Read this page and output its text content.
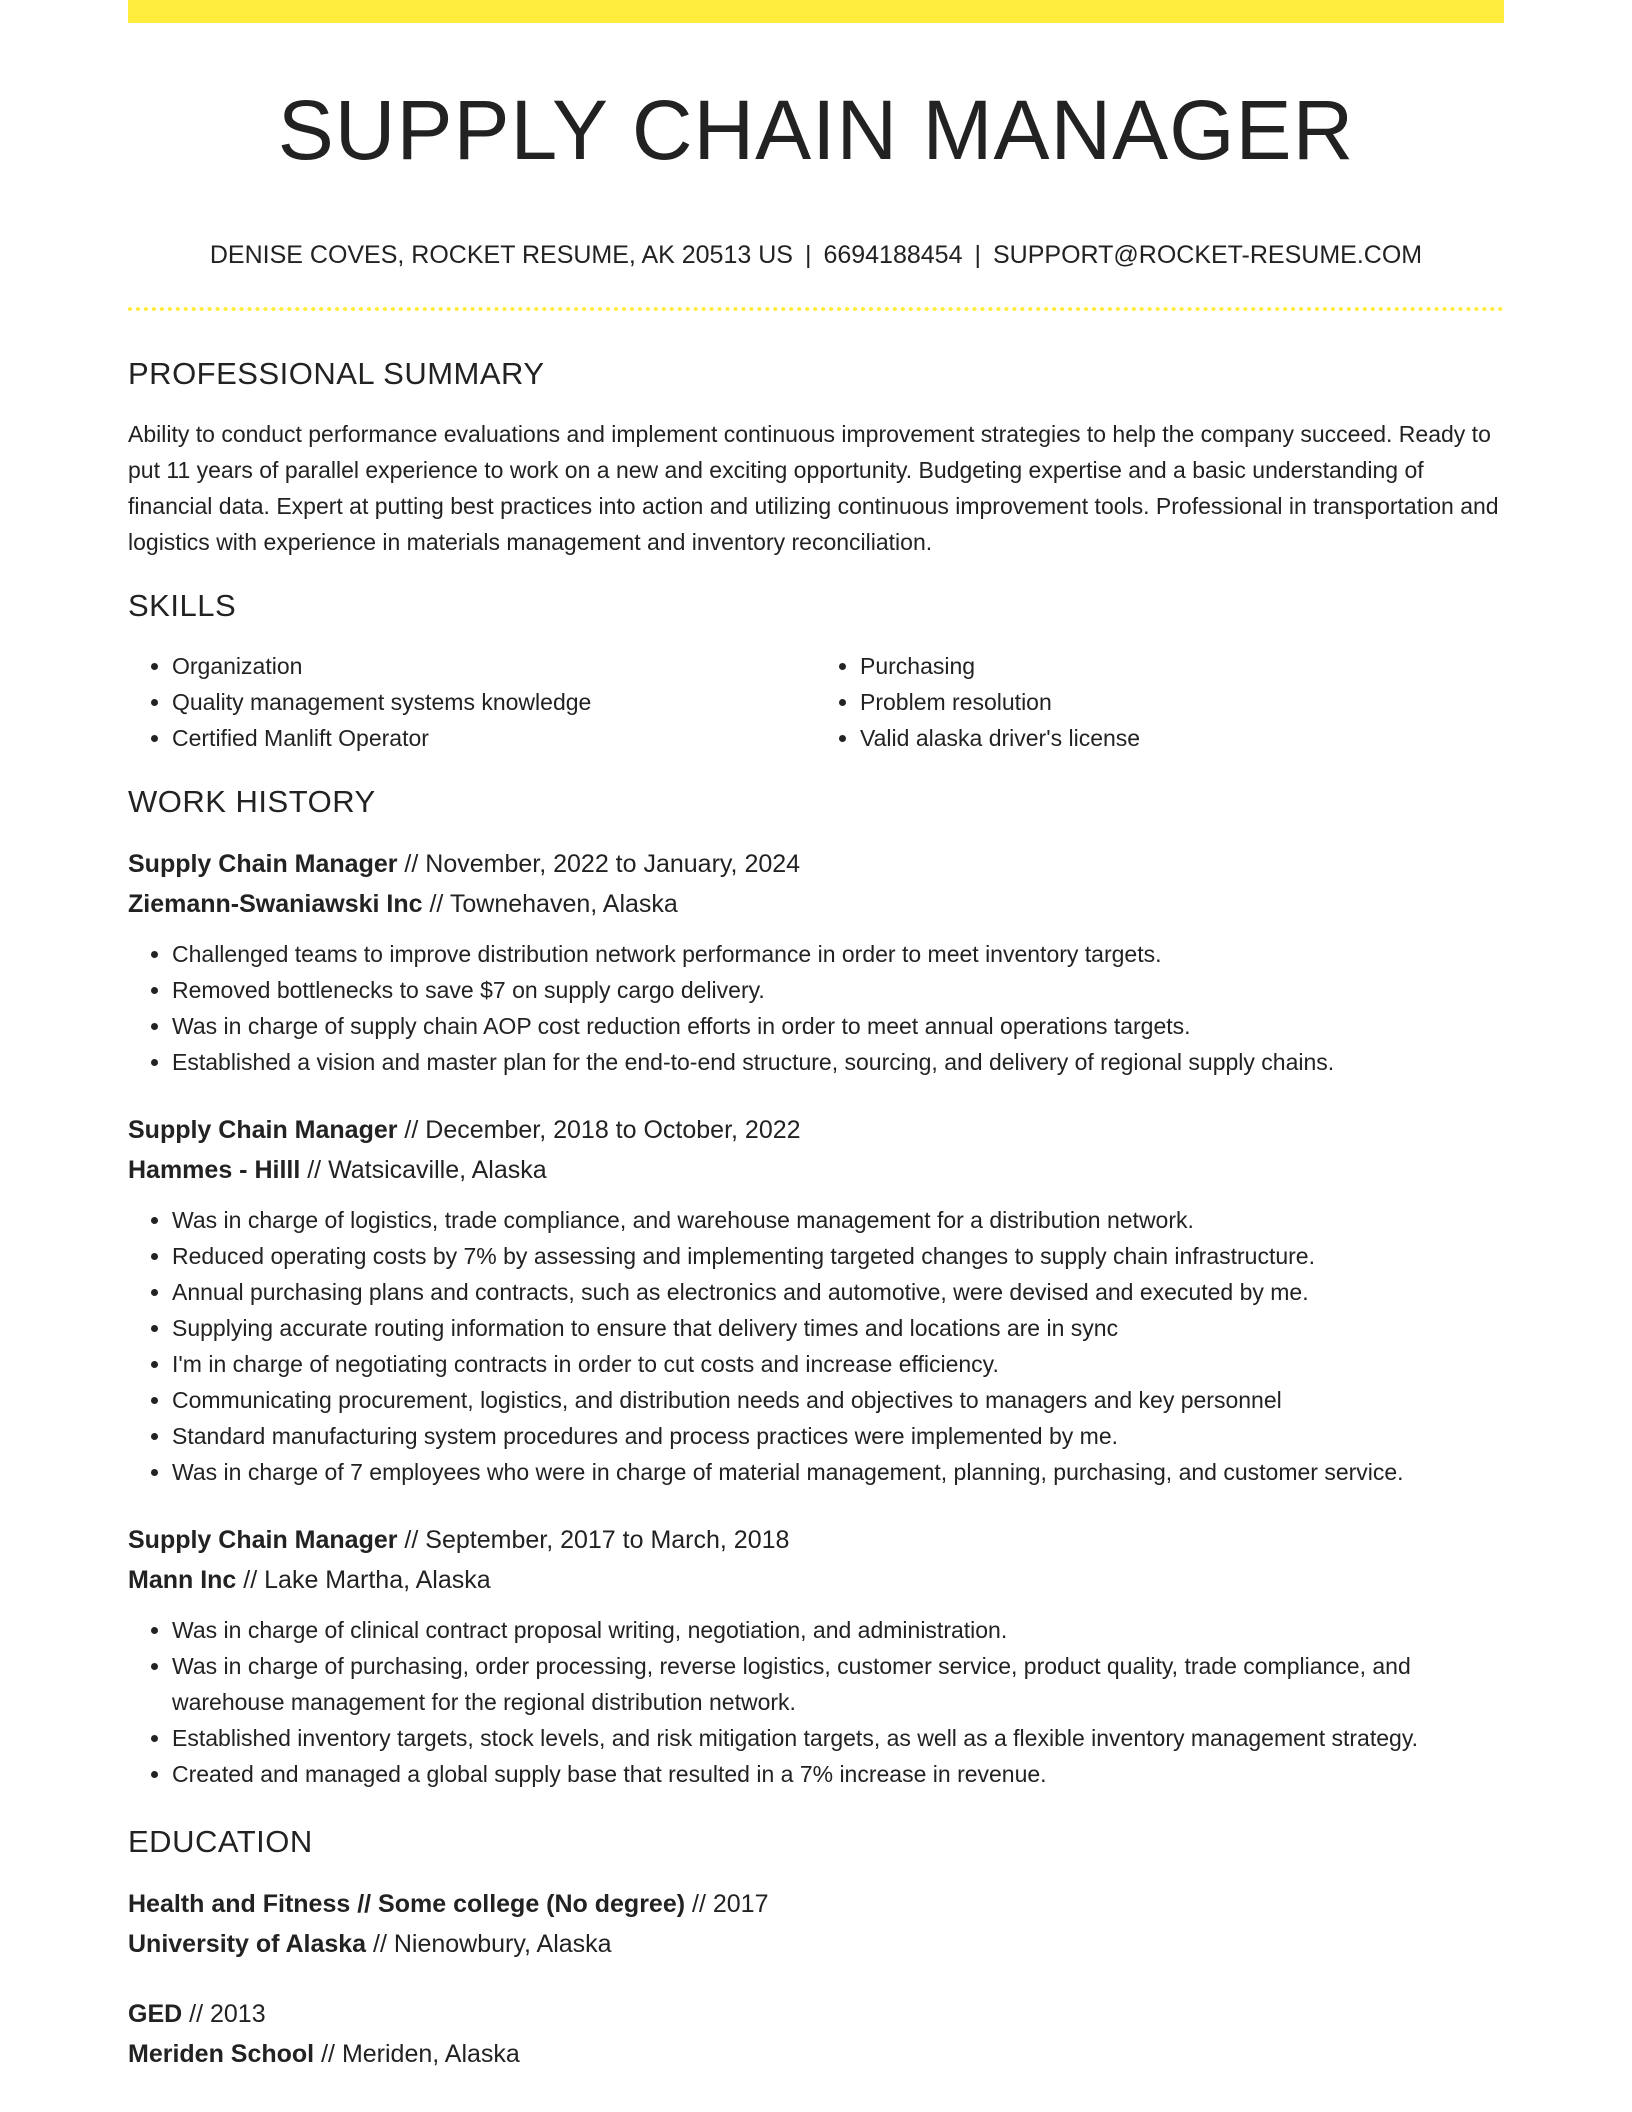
SUPPLY CHAIN MANAGER
DENISE COVES, ROCKET RESUME, AK 20513 US | 6694188454 | SUPPORT@ROCKET-RESUME.COM
PROFESSIONAL SUMMARY

Ability to conduct performance evaluations and implement continuous improvement strategies to help the company succeed. Ready to put 11 years of parallel experience to work on a new and exciting opportunity. Budgeting expertise and a basic understanding of financial data. Expert at putting best practices into action and utilizing continuous improvement tools. Professional in transportation and logistics with experience in materials management and inventory reconciliation.

SKILLS
• Organization
• Quality management systems knowledge
• Certified Manlift Operator
• Purchasing
• Problem resolution
• Valid alaska driver's license
WORK HISTORY

Supply Chain Manager // November, 2022 to January, 2024

Ziemann-Swaniawski Inc // Townehaven, Alaska

• Challenged teams to improve distribution network performance in order to meet inventory targets.
• Removed bottlenecks to save $7 on supply cargo delivery.
• Was in charge of supply chain AOP cost reduction efforts in order to meet annual operations targets.
• Established a vision and master plan for the end-to-end structure, sourcing, and delivery of regional supply chains.

Supply Chain Manager // December, 2018 to October, 2022

Hammes - Hilll // Watsicaville, Alaska

• Was in charge of logistics, trade compliance, and warehouse management for a distribution network.
• Reduced operating costs by 7% by assessing and implementing targeted changes to supply chain infrastructure.
• Annual purchasing plans and contracts, such as electronics and automotive, were devised and executed by me.
• Supplying accurate routing information to ensure that delivery times and locations are in sync
• I'm in charge of negotiating contracts in order to cut costs and increase efficiency.
• Communicating procurement, logistics, and distribution needs and objectives to managers and key personnel
• Standard manufacturing system procedures and process practices were implemented by me.
• Was in charge of 7 employees who were in charge of material management, planning, purchasing, and customer service.

Supply Chain Manager // September, 2017 to March, 2018

Mann Inc // Lake Martha, Alaska

• Was in charge of clinical contract proposal writing, negotiation, and administration.
• Was in charge of purchasing, order processing, reverse logistics, customer service, product quality, trade compliance, and warehouse management for the regional distribution network.
• Established inventory targets, stock levels, and risk mitigation targets, as well as a flexible inventory management strategy.
• Created and managed a global supply base that resulted in a 7% increase in revenue.
EDUCATION

Health and Fitness // Some college (No degree) // 2017

University of Alaska // Nienowbury, Alaska

GED // 2013

Meriden School // Meriden, Alaska
